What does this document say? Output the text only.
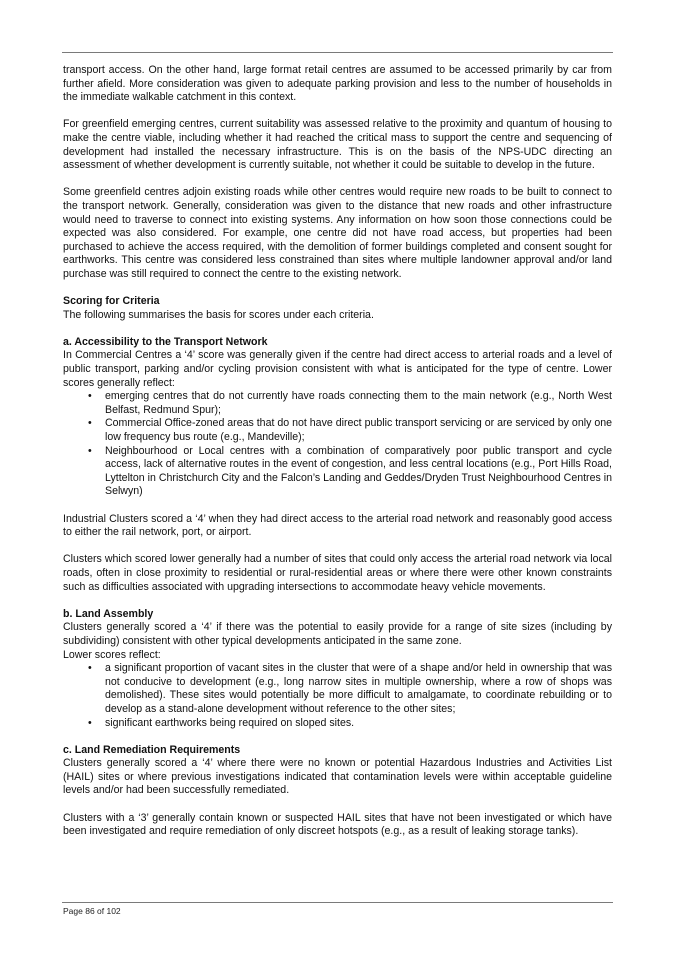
transport access. On the other hand, large format retail centres are assumed to be accessed primarily by car from further afield. More consideration was given to adequate parking provision and less to the number of households in the immediate walkable catchment in this context.

For greenfield emerging centres, current suitability was assessed relative to the proximity and quantum of housing to make the centre viable, including whether it had reached the critical mass to support the centre and sequencing of development had installed the necessary infrastructure. This is on the basis of the NPS-UDC directing an assessment of whether development is currently suitable, not whether it could be suitable to develop in the future.

Some greenfield centres adjoin existing roads while other centres would require new roads to be built to connect to the transport network. Generally, consideration was given to the distance that new roads and other infrastructure would need to traverse to connect into existing systems. Any information on how soon those connections could be expected was also considered. For example, one centre did not have road access, but properties had been purchased to achieve the access required, with the demolition of former buildings completed and consent sought for earthworks. This centre was considered less constrained than sites where multiple landowner approval and/or land purchase was still required to connect the centre to the existing network.

Scoring for Criteria

The following summarises the basis for scores under each criteria.

a. Accessibility to the Transport Network

In Commercial Centres a ‘4’ score was generally given if the centre had direct access to arterial roads and a level of public transport, parking and/or cycling provision consistent with what is anticipated for the type of centre. Lower scores generally reflect:

• emerging centres that do not currently have roads connecting them to the main network (e.g., North West Belfast, Redmund Spur);
• Commercial Office-zoned areas that do not have direct public transport servicing or are serviced by only one low frequency bus route (e.g., Mandeville);
• Neighbourhood or Local centres with a combination of comparatively poor public transport and cycle access, lack of alternative routes in the event of congestion, and less central locations (e.g., Port Hills Road, Lyttelton in Christchurch City and the Falcon’s Landing and Geddes/Dryden Trust Neighbourhood Centres in Selwyn)

Industrial Clusters scored a ‘4’ when they had direct access to the arterial road network and reasonably good access to either the rail network, port, or airport.

Clusters which scored lower generally had a number of sites that could only access the arterial road network via local roads, often in close proximity to residential or rural-residential areas or where there were other known constraints such as difficulties associated with upgrading intersections to accommodate heavy vehicle movements.

b. Land Assembly

Clusters generally scored a ‘4’ if there was the potential to easily provide for a range of site sizes (including by subdividing) consistent with other typical developments anticipated in the same zone.

Lower scores reflect:

• a significant proportion of vacant sites in the cluster that were of a shape and/or held in ownership that was not conducive to development (e.g., long narrow sites in multiple ownership, where a row of shops was demolished). These sites would potentially be more difficult to amalgamate, to coordinate rebuilding or to develop as a stand-alone development without reference to the other sites;
• significant earthworks being required on sloped sites.
c. Land Remediation Requirements

Clusters generally scored a ‘4’ where there were no known or potential Hazardous Industries and Activities List (HAIL) sites or where previous investigations indicated that contamination levels were within acceptable guideline levels and/or had been successfully remediated.

Clusters with a ‘3’ generally contain known or suspected HAIL sites that have not been investigated or which have been investigated and require remediation of only discreet hotspots (e.g., as a result of leaking storage tanks).

Page 86 of 102
